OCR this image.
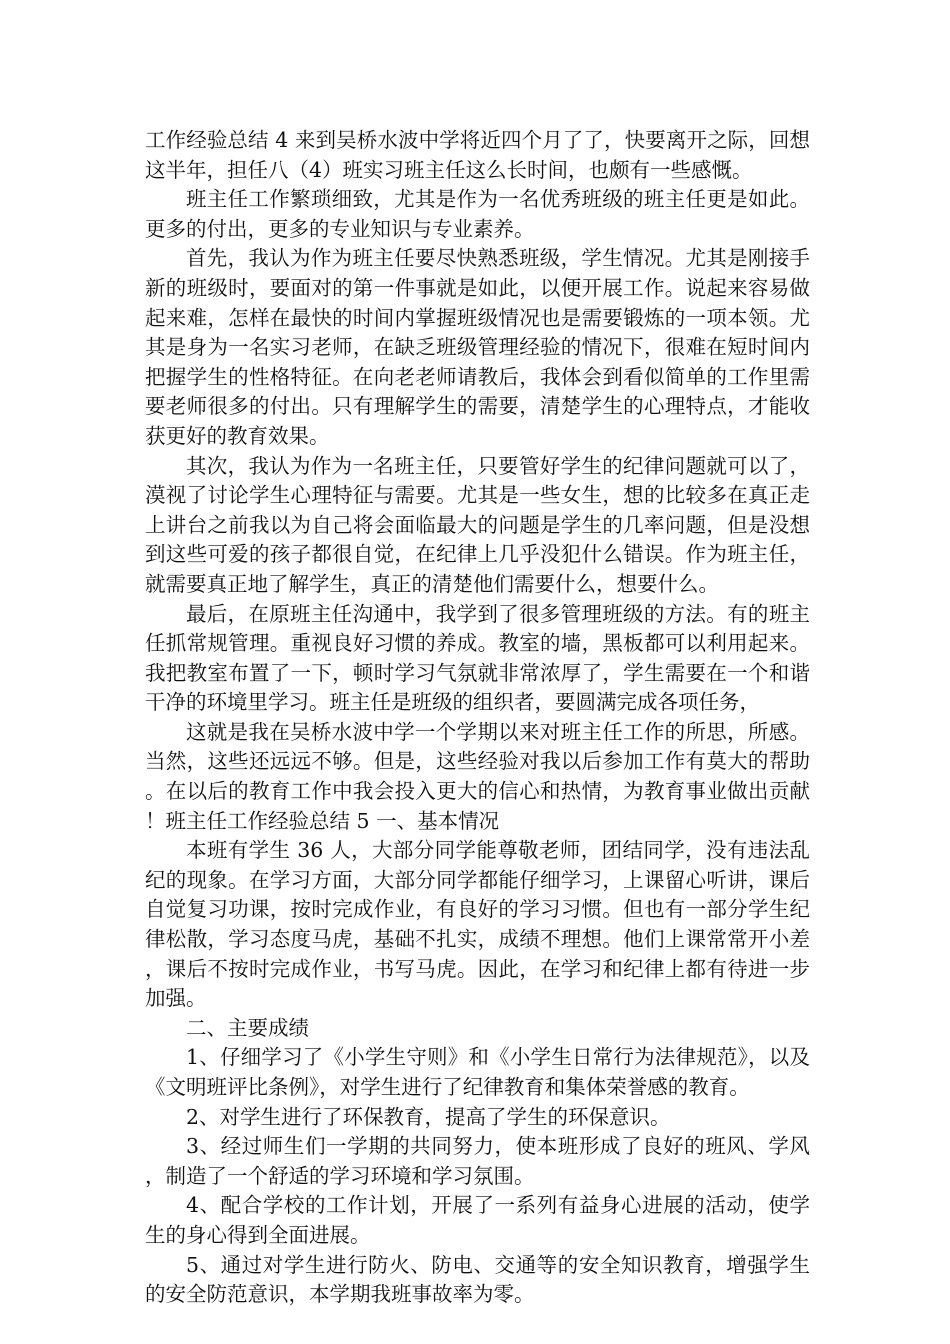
工作经验总结 4 来到吴桥水波中学将近四个月了了，快要离开之际，回想这半年，担任八（4）班实习班主任这么长时间，也颇有一些感慨。

班主任工作繁琐细致，尤其是作为一名优秀班级的班主任更是如此。更多的付出，更多的专业知识与专业素养。

首先，我认为作为班主任要尽快熟悉班级，学生情况。尤其是刚接手新的班级时，要面对的第一件事就是如此，以便开展工作。说起来容易做起来难，怎样在最快的时间内掌握班级情况也是需要锻炼的一项本领。尤其是身为一名实习老师，在缺乏班级管理经验的情况下，很难在短时间内把握学生的性格特征。在向老老师请教后，我体会到看似简单的工作里需要老师很多的付出。只有理解学生的需要，清楚学生的心理特点，才能收获更好的教育效果。

其次，我认为作为一名班主任，只要管好学生的纪律问题就可以了，漠视了讨论学生心理特征与需要。尤其是一些女生，想的比较多在真正走上讲台之前我以为自己将会面临最大的问题是学生的几率问题，但是没想到这些可爱的孩子都很自觉，在纪律上几乎没犯什么错误。作为班主任，就需要真正地了解学生，真正的清楚他们需要什么，想要什么。

最后，在原班主任沟通中，我学到了很多管理班级的方法。有的班主任抓常规管理。重视良好习惯的养成。教室的墙，黑板都可以利用起来。我把教室布置了一下，顿时学习气氛就非常浓厚了，学生需要在一个和谐干净的环境里学习。班主任是班级的组织者，要圆满完成各项任务，

这就是我在吴桥水波中学一个学期以来对班主任工作的所思，所感。当然，这些还远远不够。但是，这些经验对我以后参加工作有莫大的帮助。在以后的教育工作中我会投入更大的信心和热情，为教育事业做出贡献！班主任工作经验总结 5 一、基本情况

本班有学生 36 人，大部分同学能尊敬老师，团结同学，没有违法乱纪的现象。在学习方面，大部分同学都能仔细学习，上课留心听讲，课后自觉复习功课，按时完成作业，有良好的学习习惯。但也有一部分学生纪律松散，学习态度马虎，基础不扎实，成绩不理想。他们上课常常开小差，课后不按时完成作业，书写马虎。因此，在学习和纪律上都有待进一步加强。

二、主要成绩

1、仔细学习了《小学生守则》和《小学生日常行为法律规范》，以及《文明班评比条例》，对学生进行了纪律教育和集体荣誉感的教育。

2、对学生进行了环保教育，提高了学生的环保意识。

3、经过师生们一学期的共同努力，使本班形成了良好的班风、学风，制造了一个舒适的学习环境和学习氛围。

4、配合学校的工作计划，开展了一系列有益身心进展的活动，使学生的身心得到全面进展。

5、通过对学生进行防火、防电、交通等的安全知识教育，增强学生的安全防范意识，本学期我班事故率为零。
